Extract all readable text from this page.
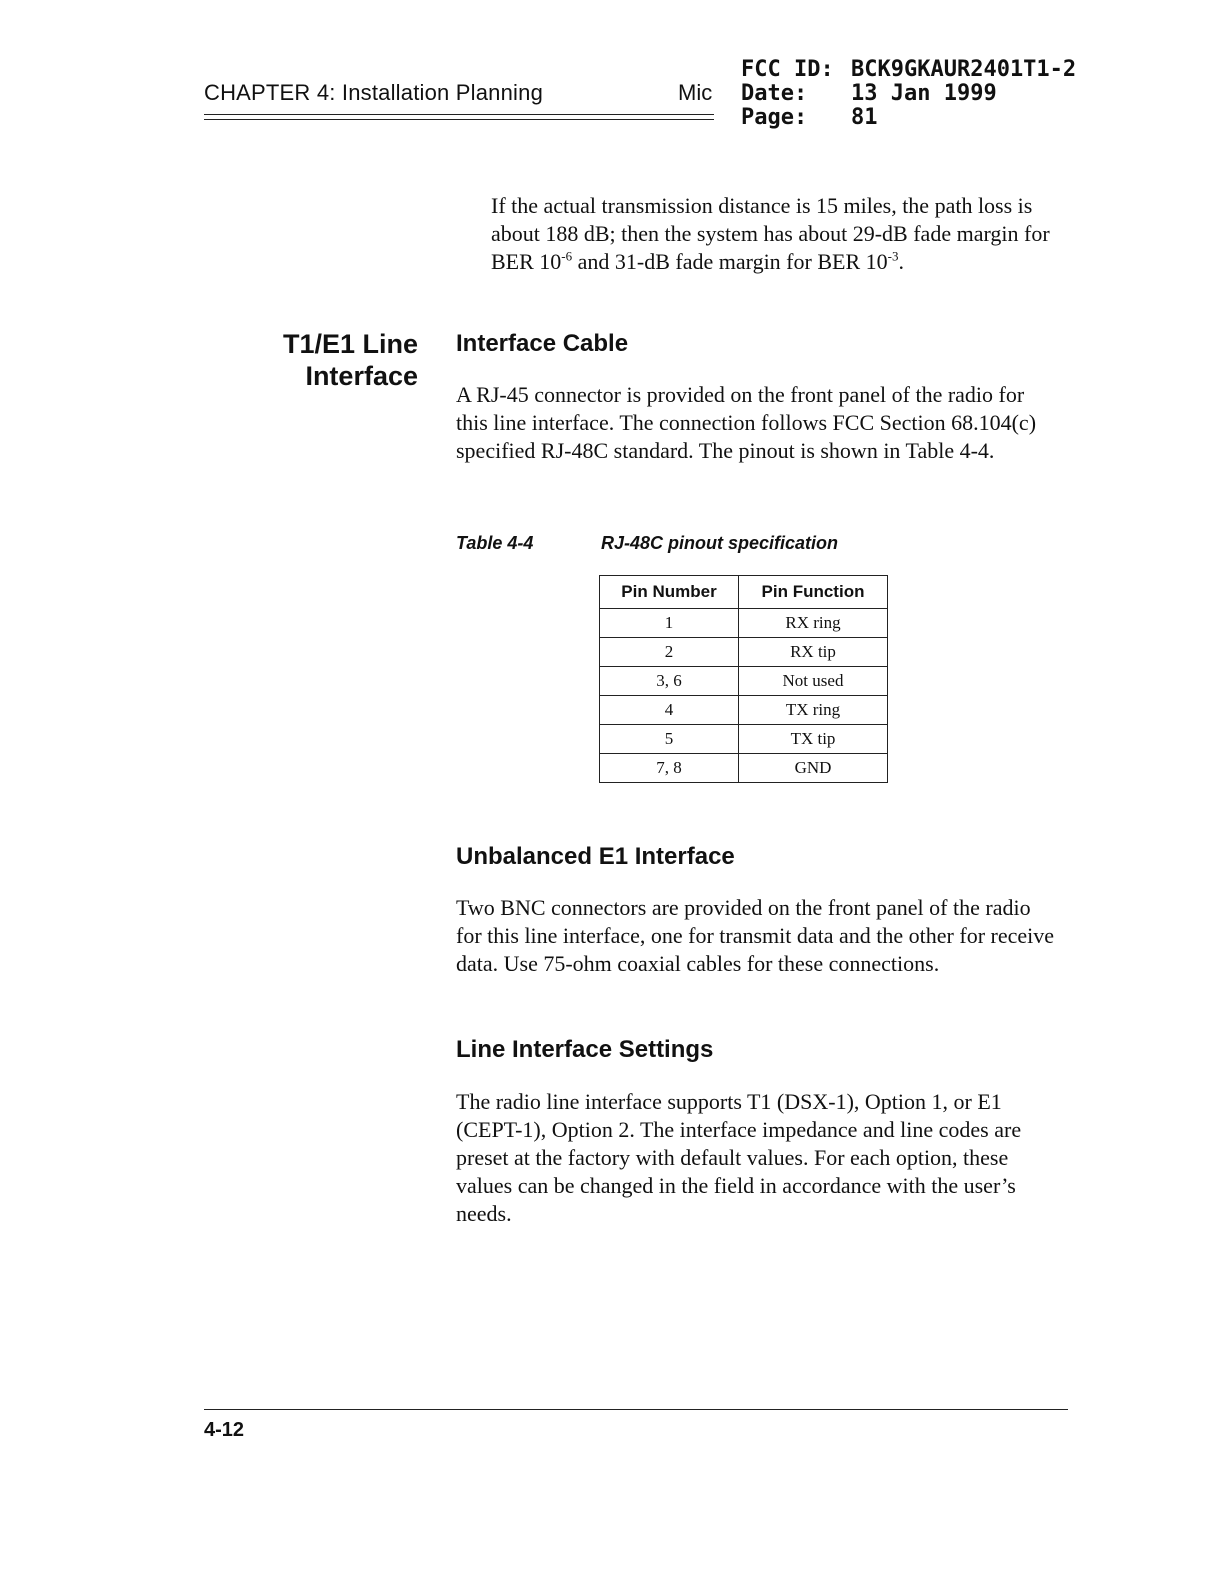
CHAPTER 4: Installation Planning	Mic
FCC ID: BCK9GKAUR2401T1-2
Date:	13 Jan 1999
Page:	81
If the actual transmission distance is 15 miles, the path loss is about 188 dB; then the system has about 29-dB fade margin for BER $10^{-6}$ and 31-dB fade margin for BER $10^{-3}$.
T1/E1 Line
Interface
Interface Cable
A RJ-45 connector is provided on the front panel of the radio for this line interface. The connection follows FCC Section 68.104(c) specified RJ-48C standard. The pinout is shown in Table 4-4.
Table 4-4	RJ-48C pinout specification
Pin Number	Pin Function
1	RX ring
2	RX tip
3, 6	Not used
4	TX ring
5	TX tip
7, 8	GND
Unbalanced E1 Interface
Two BNC connectors are provided on the front panel of the radio for this line interface, one for transmit data and the other for receive data. Use 75-ohm coaxial cables for these connections.
Line Interface Settings
The radio line interface supports T1 (DSX-1), Option 1, or E1 (CEPT-1), Option 2. The interface impedance and line codes are preset at the factory with default values. For each option, these values can be changed in the field in accordance with the user’s needs.
4-12
